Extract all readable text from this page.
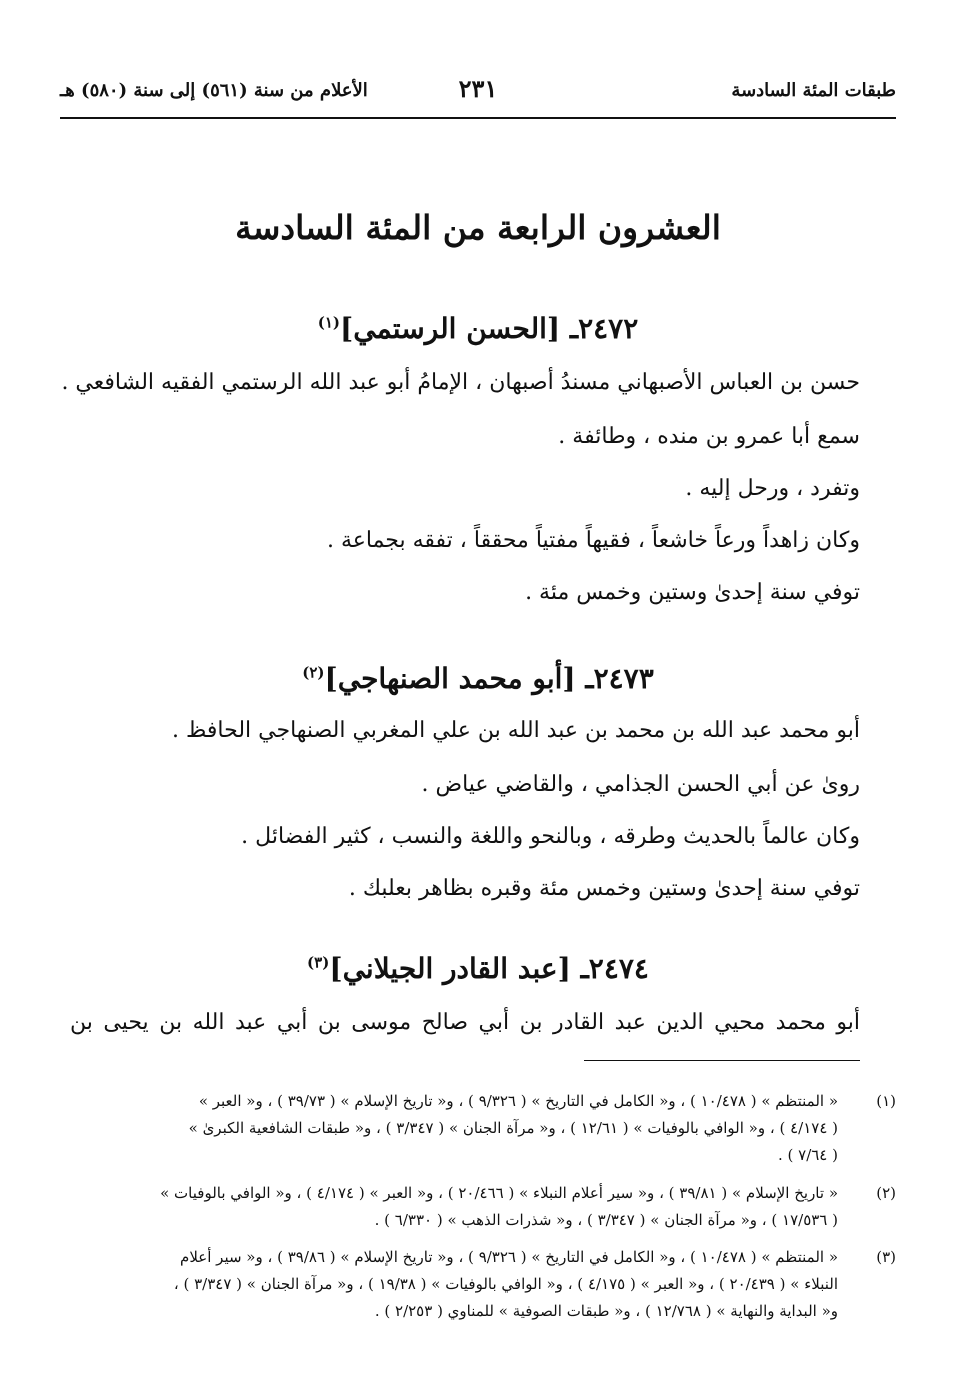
طبقات المئة السادسة
٢٣١
الأعلام من سنة (٥٦١) إلى سنة (٥٨٠) هـ
العشرون الرابعة من المئة السادسة
٢٤٧٢ـ [الحسن الرستمي]$^{(١)}$
حسن بن العباس الأصبهاني مسندُ أصبهان ، الإمامُ أبو عبد الله الرستمي الفقيه الشافعي .
سمع أبا عمرو بن منده ، وطائفة .
وتفرد ، ورحل إليه .
وكان زاهداً ورعاً خاشعاً ، فقيهاً مفتياً محققاً ، تفقه بجماعة .
توفي سنة إحدىٰ وستين وخمس مئة .
٢٤٧٣ـ [أبو محمد الصنهاجي]$^{(٢)}$
أبو محمد عبد الله بن محمد بن عبد الله بن علي المغربي الصنهاجي الحافظ .
روىٰ عن أبي الحسن الجذامي ، والقاضي عياض .
وكان عالماً بالحديث وطرقه ، وبالنحو واللغة والنسب ، كثير الفضائل .
توفي سنة إحدىٰ وستين وخمس مئة وقبره بظاهر بعلبك .
٢٤٧٤ـ [عبد القادر الجيلاني]$^{(٣)}$
أبو محمد محيي الدين عبد القادر بن أبي صالح موسى بن أبي عبد الله بن يحيى بن
(١)
« المنتظم » ( ١٠/٤٧٨ ) ، و« الكامل في التاريخ » ( ٩/٣٢٦ ) ، و« تاريخ الإسلام » ( ٣٩/٧٣ ) ، و« العبر »
( ٤/١٧٤ ) ، و« الوافي بالوفيات » ( ١٢/٦١ ) ، و« مرآة الجنان » ( ٣/٣٤٧ ) ، و« طبقات الشافعية الكبرىٰ »
( ٧/٦٤ ) .
(٢)
« تاريخ الإسلام » ( ٣٩/٨١ ) ، و« سير أعلام النبلاء » ( ٢٠/٤٦٦ ) ، و« العبر » ( ٤/١٧٤ ) ، و« الوافي بالوفيات »
( ١٧/٥٣٦ ) ، و« مرآة الجنان » ( ٣/٣٤٧ ) ، و« شذرات الذهب » ( ٦/٣٣٠ ) .
(٣)
« المنتظم » ( ١٠/٤٧٨ ) ، و« الكامل في التاريخ » ( ٩/٣٢٦ ) ، و« تاريخ الإسلام » ( ٣٩/٨٦ ) ، و« سير أعلام
النبلاء » ( ٢٠/٤٣٩ ) ، و« العبر » ( ٤/١٧٥ ) ، و« الوافي بالوفيات » ( ١٩/٣٨ ) ، و« مرآة الجنان » ( ٣/٣٤٧ ) ،
و« البداية والنهاية » ( ١٢/٧٦٨ ) ، و« طبقات الصوفية » للمناوي ( ٢/٢٥٣ ) .
